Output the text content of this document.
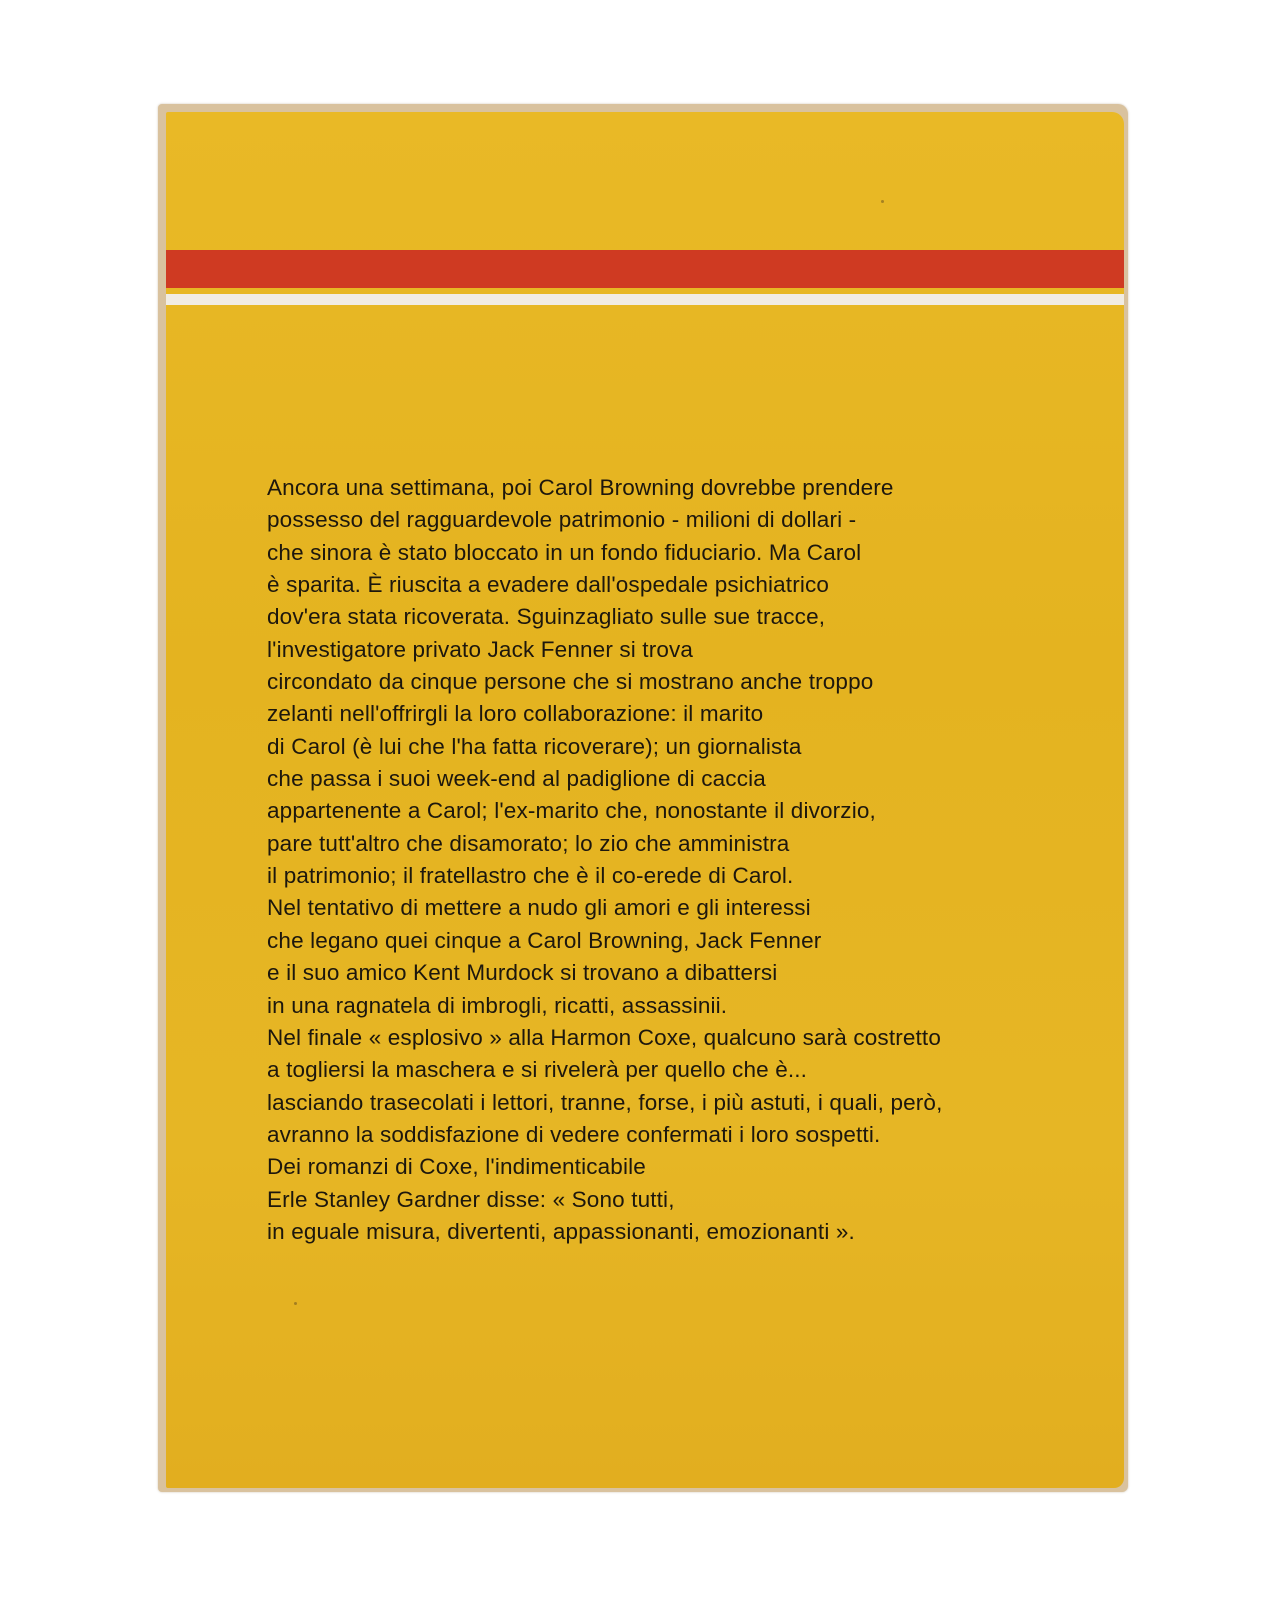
Ancora una settimana, poi Carol Browning dovrebbe prendere
possesso del ragguardevole patrimonio - milioni di dollari -
che sinora è stato bloccato in un fondo fiduciario. Ma Carol
è sparita. È riuscita a evadere dall'ospedale psichiatrico
dov'era stata ricoverata. Sguinzagliato sulle sue tracce,
l'investigatore privato Jack Fenner si trova
circondato da cinque persone che si mostrano anche troppo
zelanti nell'offrirgli la loro collaborazione: il marito
di Carol (è lui che l'ha fatta ricoverare); un giornalista
che passa i suoi week-end al padiglione di caccia
appartenente a Carol; l'ex-marito che, nonostante il divorzio,
pare tutt'altro che disamorato; lo zio che amministra
il patrimonio; il fratellastro che è il co-erede di Carol.
Nel tentativo di mettere a nudo gli amori e gli interessi
che legano quei cinque a Carol Browning, Jack Fenner
e il suo amico Kent Murdock si trovano a dibattersi
in una ragnatela di imbrogli, ricatti, assassinii.
Nel finale « esplosivo » alla Harmon Coxe, qualcuno sarà costretto
a togliersi la maschera e si rivelerà per quello che è...
lasciando trasecolati i lettori, tranne, forse, i più astuti, i quali, però,
avranno la soddisfazione di vedere confermati i loro sospetti.
Dei romanzi di Coxe, l'indimenticabile
Erle Stanley Gardner disse: « Sono tutti,
in eguale misura, divertenti, appassionanti, emozionanti ».
